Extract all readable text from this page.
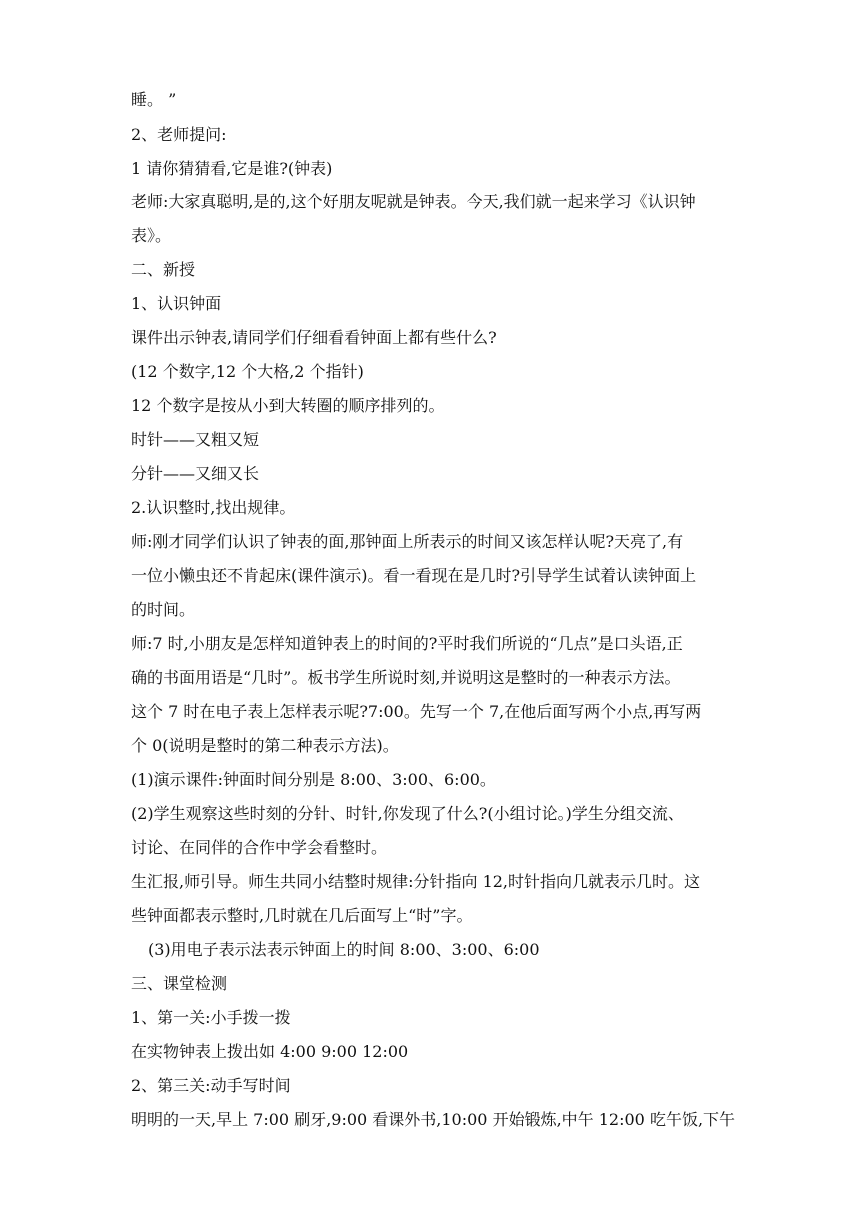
睡。 ”
2、老师提问:
1 请你猜猜看,它是谁?(钟表)
老师:大家真聪明,是的,这个好朋友呢就是钟表。今天,我们就一起来学习《认识钟
表》。
二、新授
1、认识钟面
课件出示钟表,请同学们仔细看看钟面上都有些什么?
(12 个数字,12 个大格,2 个指针)
12 个数字是按从小到大转圈的顺序排列的。
时针——又粗又短
分针——又细又长
2.认识整时,找出规律。
师:刚才同学们认识了钟表的面,那钟面上所表示的时间又该怎样认呢?天亮了,有
一位小懒虫还不肯起床(课件演示)。看一看现在是几时?引导学生试着认读钟面上
的时间。
师:7 时,小朋友是怎样知道钟表上的时间的?平时我们所说的“几点”是口头语,正
确的书面用语是“几时”。板书学生所说时刻,并说明这是整时的一种表示方法。
这个 7 时在电子表上怎样表示呢?7:00。先写一个 7,在他后面写两个小点,再写两
个 0(说明是整时的第二种表示方法)。
(1)演示课件:钟面时间分别是 8:00、3:00、6:00。
(2)学生观察这些时刻的分针、时针,你发现了什么?(小组讨论。)学生分组交流、
讨论、在同伴的合作中学会看整时。
生汇报,师引导。师生共同小结整时规律:分针指向 12,时针指向几就表示几时。这
些钟面都表示整时,几时就在几后面写上“时”字。
(3)用电子表示法表示钟面上的时间 8:00、3:00、6:00
三、课堂检测
1、第一关:小手拨一拨
在实物钟表上拨出如 4:00 9:00 12:00
2、第三关:动手写时间
明明的一天,早上 7:00 刷牙,9:00 看课外书,10:00 开始锻炼,中午 12:00 吃午饭,下午
